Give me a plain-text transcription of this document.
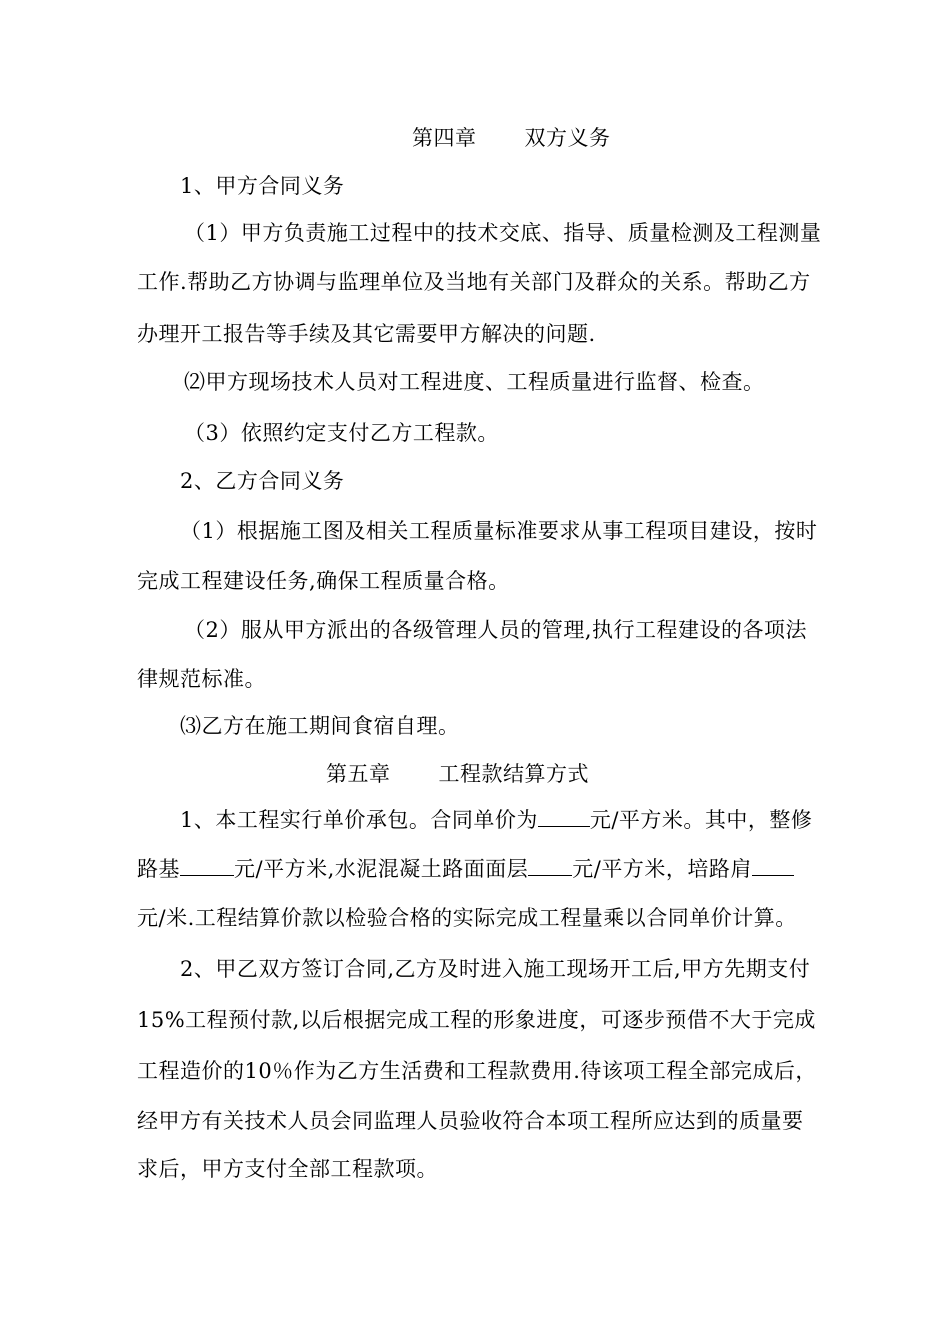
第四章 双方义务
1、甲方合同义务
（1）甲方负责施工过程中的技术交底、指导、质量检测及工程测量
工作.帮助乙方协调与监理单位及当地有关部门及群众的关系。帮助乙方
办理开工报告等手续及其它需要甲方解决的问题.
⑵甲方现场技术人员对工程进度、工程质量进行监督、检查。
（3）依照约定支付乙方工程款。
2、乙方合同义务
（1）根据施工图及相关工程质量标准要求从事工程项目建设，按时
完成工程建设任务,确保工程质量合格。
（2）服从甲方派出的各级管理人员的管理,执行工程建设的各项法
律规范标准。
⑶乙方在施工期间食宿自理。
第五章 工程款结算方式
1、本工程实行单价承包。合同单价为 元/平方米。其中，整修
路基	元/平方米,水泥混凝土路面面层 元/平方米，培路肩
元/米.工程结算价款以检验合格的实际完成工程量乘以合同单价计算。
2、甲乙双方签订合同,乙方及时进入施工现场开工后,甲方先期支付
15%工程预付款,以后根据完成工程的形象进度，可逐步预借不大于完成
工程造价的10％作为乙方生活费和工程款费用.待该项工程全部完成后，
经甲方有关技术人员会同监理人员验收符合本项工程所应达到的质量要
求后，甲方支付全部工程款项。
